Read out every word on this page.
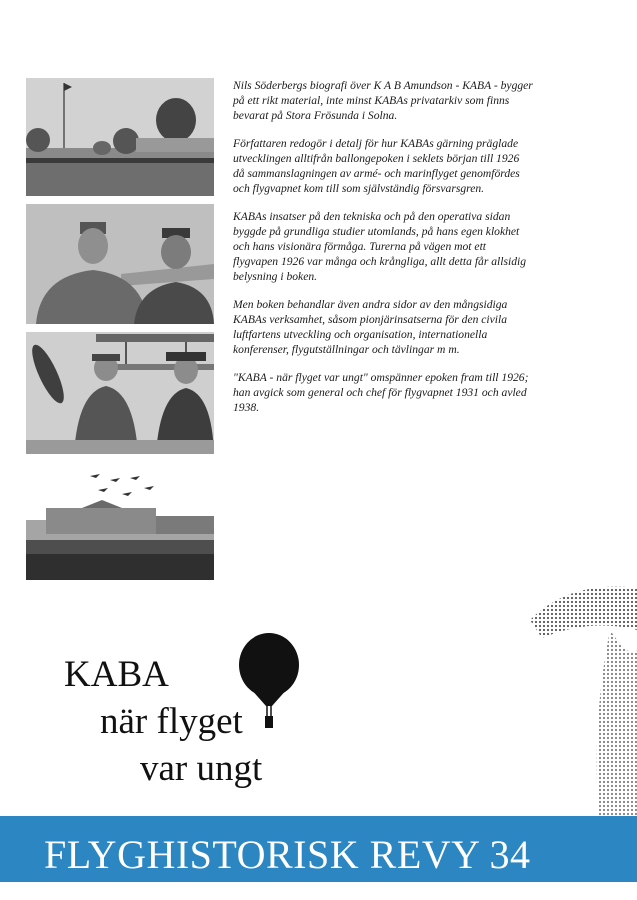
Nils Söderbergs biografi över K A B Amundson - KABA - bygger på ett rikt material, inte minst KABAs privatarkiv som finns bevarat på Stora Frösunda i Solna.

Författaren redogör i detalj för hur KABAs gärning präglade utvecklingen alltifrån ballongepoken i seklets början till 1926 då sammanslagningen av armé- och marinflyget genomfördes och flygvapnet kom till som självständig försvarsgren.

KABAs insatser på den tekniska och på den operativa sidan byggde på grundliga studier utomlands, på hans egen klokhet och hans visionära förmåga. Turerna på vägen mot ett flygvapen 1926 var många och krångliga, allt detta får allsidig belysning i boken.

Men boken behandlar även andra sidor av den mångsidiga KABAs verksamhet, såsom pionjärinsatserna för den civila luftfartens utveckling och organisation, internationella konferenser, flygutställningar och tävlingar m m.

"KABA - när flyget var ungt" omspänner epoken fram till 1926; han avgick som general och chef för flygvapnet 1931 och avled 1938.

KABA
när flyget
var ungt
FLYGHISTORISK REVY 34
